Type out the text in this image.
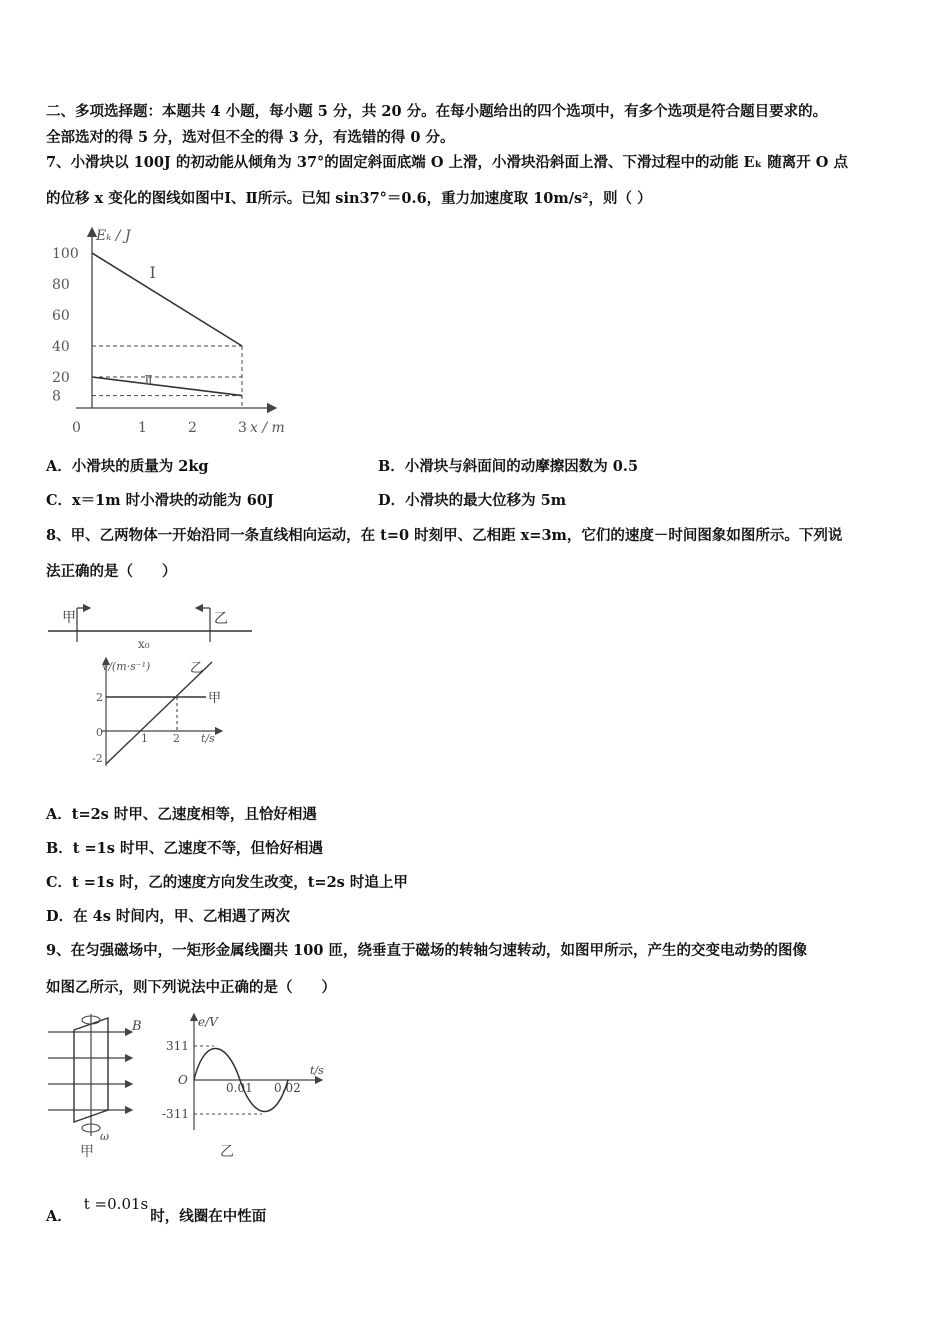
二、多项选择题：本题共 4 小题，每小题 5 分，共 20 分。在每小题给出的四个选项中，有多个选项是符合题目要求的。
全部选对的得 5 分，选对但不全的得 3 分，有选错的得 0 分。
7、小滑块以 100J 的初动能从倾角为 37°的固定斜面底端 O 上滑，小滑块沿斜面上滑、下滑过程中的动能 Eₖ 随离开 O 点
的位移 x 变化的图线如图中Ⅰ、Ⅱ所示。已知 sin37°＝0.6，重力加速度取 10m/s²，则（ ）
Eₖ / J
x / m
100
80
60
40
20
8
0	1	2	3
Ⅰ
Ⅱ
A．小滑块的质量为 2kg	B．小滑块与斜面间的动摩擦因数为 0.5
C．x＝1m 时小滑块的动能为 60J	D．小滑块的最大位移为 5m
8、甲、乙两物体一开始沿同一条直线相向运动，在 t=0 时刻甲、乙相距 x=3m，它们的速度－时间图象如图所示。下列说
法正确的是（　　）
甲	乙
x₀
v/(m·s⁻¹)
t/s
2
0
-2
1 2
甲
乙
A．t=2s 时甲、乙速度相等，且恰好相遇
B．t =1s 时甲、乙速度不等，但恰好相遇
C．t =1s 时，乙的速度方向发生改变，t=2s 时追上甲
D．在 4s 时间内，甲、乙相遇了两次
9、在匀强磁场中，一矩形金属线圈共 100 匝，绕垂直于磁场的转轴匀速转动，如图甲所示，产生的交变电动势的图像
如图乙所示，则下列说法中正确的是（　　）
B
ω
甲
e/V
t/s
311
-311
O
0.01 0.02
乙
A．t =0.01s时，线圈在中性面
